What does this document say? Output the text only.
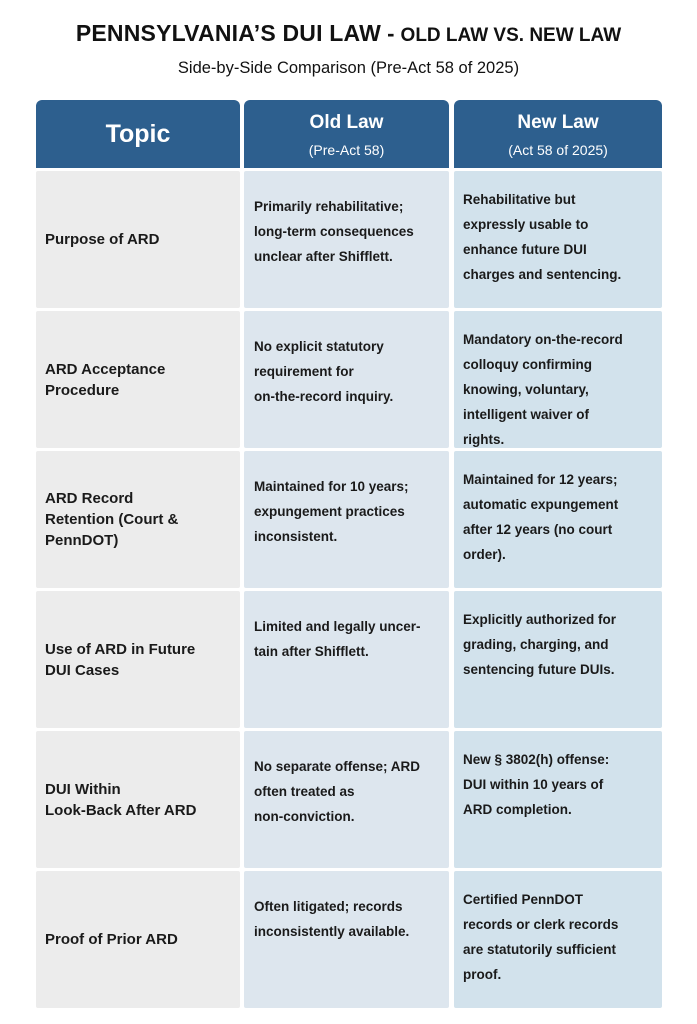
PENNSYLVANIA’S DUI LAW - OLD LAW VS. NEW LAW
Side-by-Side Comparison (Pre-Act 58 of 2025)
Topic	Old Law
(Pre-Act 58)
New Law
(Act 58 of 2025)
Purpose of ARD
Primarily rehabilitative;
long-term consequences
unclear after Shifflett.
Rehabilitative but
expressly usable to
enhance future DUI
charges and sentencing.
ARD Acceptance
Procedure
No explicit statutory
requirement for
on-the-record inquiry.
Mandatory on-the-record
colloquy confirming
knowing, voluntary,
intelligent waiver of
rights.
ARD Record
Retention (Court &
PennDOT)
Maintained for 10 years;
expungement practices
inconsistent.
Maintained for 12 years;
automatic expungement
after 12 years (no court
order).
Use of ARD in Future
DUI Cases
Limited and legally uncer-
tain after Shifflett.
Explicitly authorized for
grading, charging, and
sentencing future DUIs.
DUI Within
Look-Back After ARD
No separate offense; ARD
often treated as
non-conviction.
New § 3802(h) offense:
DUI within 10 years of
ARD completion.
Proof of Prior ARD
Often litigated; records
inconsistently available.
Certified PennDOT
records or clerk records
are statutorily sufficient
proof.
